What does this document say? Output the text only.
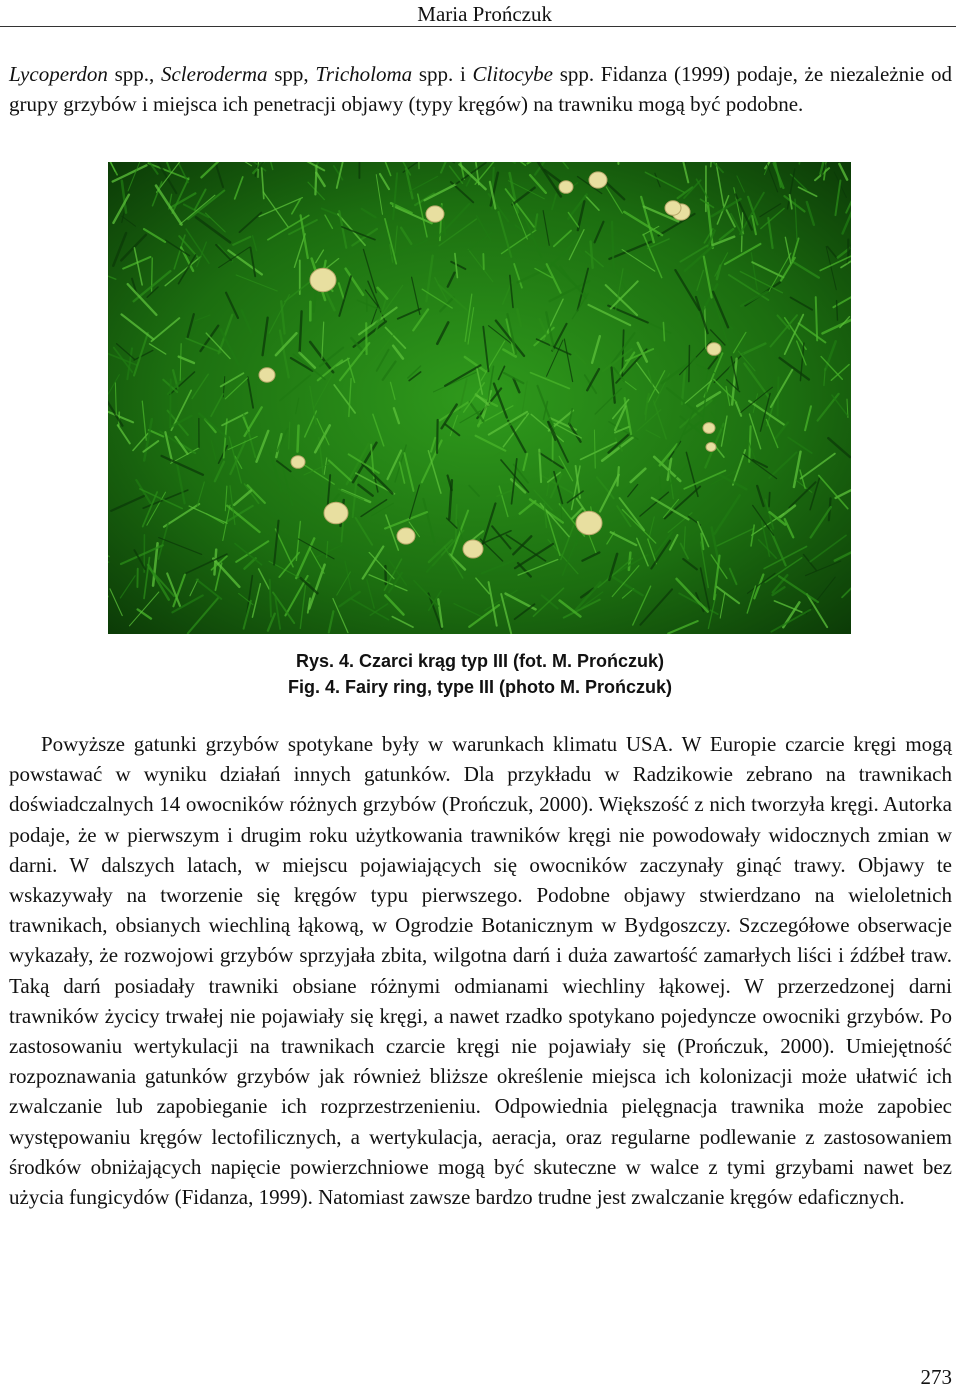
Maria Prończuk

Lycoperdon spp., Scleroderma spp, Tricholoma spp. i Clitocybe spp. Fidanza (1999) podaje, że niezależnie od grupy grzybów i miejsca ich penetracji objawy (typy kręgów) na trawniku mogą być podobne.

Rys. 4. Czarci krąg typ III (fot. M. Prończuk)
Fig. 4. Fairy ring, type III (photo M. Prończuk)

Powyższe gatunki grzybów spotykane były w warunkach klimatu USA. W Europie czarcie kręgi mogą powstawać w wyniku działań innych gatunków. Dla przykładu w Radzikowie zebrano na trawnikach doświadczalnych 14 owocników różnych grzybów (Prończuk, 2000). Większość z nich tworzyła kręgi. Autorka podaje, że w pierwszym i drugim roku użytkowania trawników kręgi nie powodowały widocznych zmian w darni. W dalszych latach, w miejscu pojawiających się owocników zaczynały ginąć trawy. Objawy te wskazywały na tworzenie się kręgów typu pierwszego. Podobne objawy stwierdzano na wieloletnich trawnikach, obsianych wiechliną łąkową, w Ogrodzie Botanicznym w Bydgoszczy. Szczegółowe obserwacje wykazały, że rozwojowi grzybów sprzyjała zbita, wilgotna darń i duża zawartość zamarłych liści i źdźbeł traw. Taką darń posiadały trawniki obsiane różnymi odmianami wiechliny łąkowej. W przerzedzonej darni trawników życicy trwałej nie pojawiały się kręgi, a nawet rzadko spotykano pojedyncze owocniki grzybów. Po zastosowaniu wertykulacji na trawnikach czarcie kręgi nie pojawiały się (Prończuk, 2000). Umiejętność rozpoznawania gatunków grzybów jak również bliższe określenie miejsca ich kolonizacji może ułatwić ich zwalczanie lub zapobieganie ich rozprzestrzenieniu. Odpowiednia pielęgnacja trawnika może zapobiec występowaniu kręgów lectofilicznych, a wertykulacja, aeracja, oraz regularne podlewanie z zastosowaniem środków obniżających napięcie powierzchniowe mogą być skuteczne w walce z tymi grzybami nawet bez użycia fungicydów (Fidanza, 1999). Natomiast zawsze bardzo trudne jest zwalczanie kręgów edaficznych.

273
